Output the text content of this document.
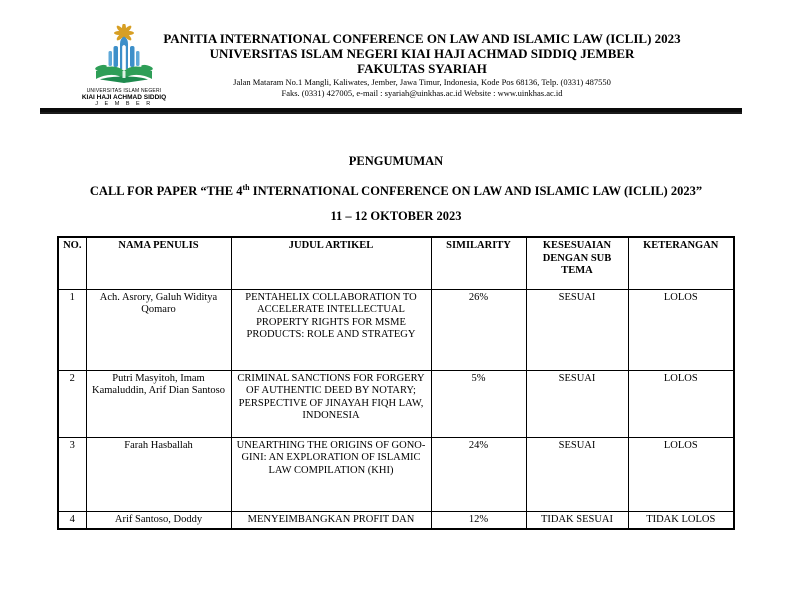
UNIVERSITAS ISLAM NEGERI
KIAI HAJI ACHMAD SIDDIQ
J E M B E R
PANITIA INTERNATIONAL CONFERENCE ON LAW AND ISLAMIC LAW (ICLIL) 2023
UNIVERSITAS ISLAM NEGERI KIAI HAJI ACHMAD SIDDIQ JEMBER
FAKULTAS SYARIAH
Jalan Mataram No.1 Mangli, Kaliwates, Jember, Jawa Timur, Indonesia, Kode Pos 68136, Telp. (0331) 487550
Faks. (0331) 427005, e-mail : syariah@uinkhas.ac.id Website : www.uinkhas.ac.id
PENGUMUMAN
CALL FOR PAPER “THE 4th INTERNATIONAL CONFERENCE ON LAW AND ISLAMIC LAW (ICLIL) 2023”
11 – 12 OKTOBER 2023
NO.	NAMA PENULIS	JUDUL ARTIKEL	SIMILARITY	KESESUAIAN DENGAN SUB TEMA	KETERANGAN
1	Ach. Asrory, Galuh Widitya Qomaro	PENTAHELIX COLLABORATION TO ACCELERATE INTELLECTUAL PROPERTY RIGHTS FOR MSME PRODUCTS: ROLE AND STRATEGY	26%	SESUAI	LOLOS
2	Putri Masyitoh, Imam Kamaluddin, Arif Dian Santoso	CRIMINAL SANCTIONS FOR FORGERY OF AUTHENTIC DEED BY NOTARY; PERSPECTIVE OF JINAYAH FIQH LAW, INDONESIA	5%	SESUAI	LOLOS
3	Farah Hasballah	UNEARTHING THE ORIGINS OF GONO-GINI: AN EXPLORATION OF ISLAMIC LAW COMPILATION (KHI)	24%	SESUAI	LOLOS
4	Arif Santoso, Doddy	MENYEIMBANGKAN PROFIT DAN	12%	TIDAK SESUAI	TIDAK LOLOS
